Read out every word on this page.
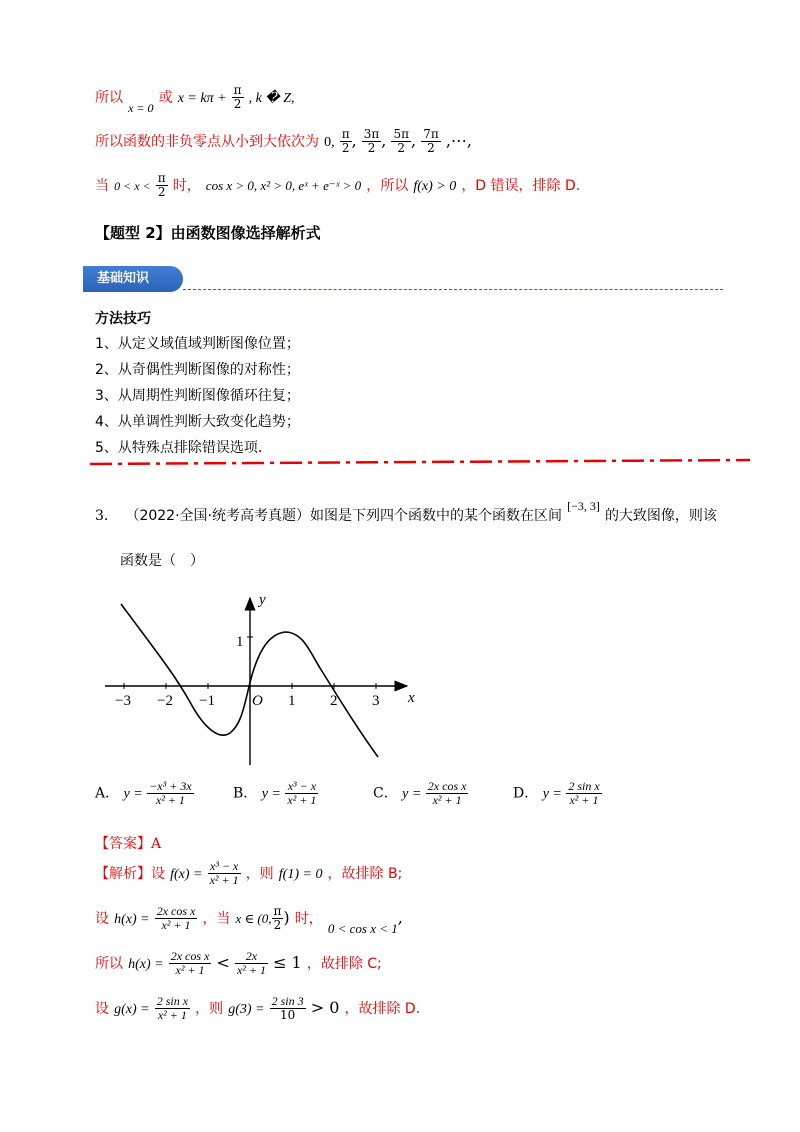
所以 $_{x = 0}$ 或 $x = k\pi + \frac{\pi}{2}$ , k � Z,
所以函数的非负零点从小到大依次为 0, $\frac{\pi}{2}$ , $\frac{3\pi}{2}$ , $\frac{5\pi}{2}$ , $\frac{7\pi}{2}$ ,⋯,
当 $0 < x < \frac{\pi}{2}$ 时， cos x > 0, x² > 0, eˣ + e⁻ˣ > 0 ，所以 f(x) > 0 ，D 错误，排除 D.
【题型 2】由函数图像选择解析式
基础知识
方法技巧
1、从定义域值域判断图像位置；
2、从奇偶性判断图像的对称性；
3、从周期性判断图像循环往复；
4、从单调性判断大致变化趋势；
5、从特殊点排除错误选项.
3. （2022·全国·统考高考真题）如图是下列四个函数中的某个函数在区间 [−3, 3] 的大致图像，则该
函数是（　）
−3 −2 −1 O 1 2 3
1
x
y
A． $y = \frac{\text{−x³ + 3x}}{\text{x² + 1}}$	B． $y = \frac{\text{x³ − x}}{\text{x² + 1}}$	C． $y = \frac{\text{2x cos x}}{\text{x² + 1}}$	D． $y = \frac{\text{2 sin x}}{\text{x² + 1}}$
【答案】A
【解析】设 $f(x) = \frac{\text{x³ − x}}{\text{x² + 1}}$ ，则 f(1) = 0 ，故排除 B;
设 $h(x) = \frac{\text{2x cos x}}{\text{x² + 1}}$ ，当 x ∈ (0, $\frac{\pi}{2}$ ) 时， $_{0 < cos x < 1}$,
所以 $h(x) = \frac{\text{2x cos x}}{\text{x² + 1}} < \frac{2x}{\text{x² + 1}} \le 1$ ，故排除 C;
设 $g(x) = \frac{\text{2 sin x}}{\text{x² + 1}}$ ，则 $g(3) = \frac{2 \sin 3}{10} > 0$ ，故排除 D.
